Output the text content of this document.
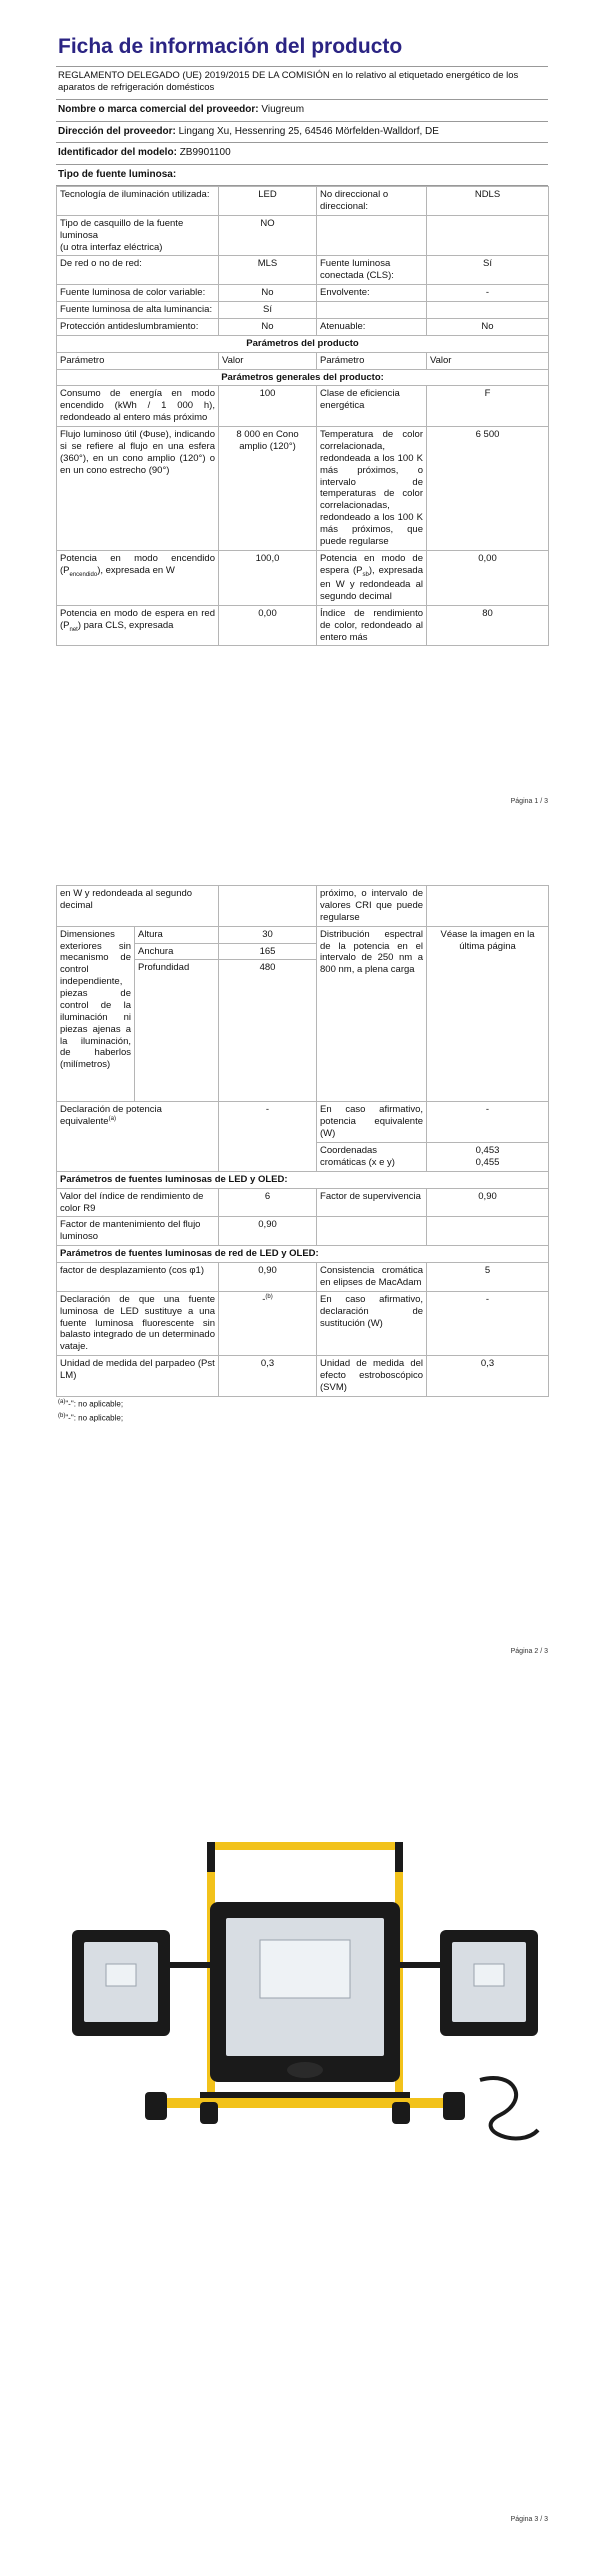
Ficha de información del producto
REGLAMENTO DELEGADO (UE) 2019/2015 DE LA COMISIÓN en lo relativo al etiquetado energético de los aparatos de refrigeración domésticos
Nombre o marca comercial del proveedor: Viugreum
Dirección del proveedor: Lingang Xu, Hessenring 25, 64546 Mörfelden-Walldorf, DE
Identificador del modelo: ZB9901100
Tipo de fuente luminosa:
Tecnología de iluminación utilizada:	LED	No direccional o direccional:	NDLS
Tipo de casquillo de la fuente luminosa
(u otra interfaz eléctrica)	NO		
De red o no de red:	MLS	Fuente luminosa conectada (CLS):	Sí
Fuente luminosa de color variable:	No	Envolvente:	-
Fuente luminosa de alta luminancia:	Sí		
Protección antideslumbramiento:	No	Atenuable:	No
Parámetros del producto			
Parámetro	Valor	Parámetro	Valor
Parámetros generales del producto:			
Consumo de energía en modo encendido (kWh / 1 000 h), redondeado al entero más próximo	100	Clase de eficiencia energética	F
Flujo luminoso útil (Φuse), indicando si se refiere al flujo en una esfera (360°), en un cono amplio (120°) o en un cono estrecho (90°)	8 000 en Cono amplio (120°)	Temperatura de color correlacionada, redondeada a los 100 K más próximos, o intervalo de temperaturas de color correlacionadas, redondeado a los 100 K más próximos, que puede regularse	6 500
Potencia en modo encendido $(P_{encendido})$, expresada en W	100,0	Potencia en modo de espera $(P_{sb})$, expresada en W y redondeada al segundo decimal	0,00
Potencia en modo de espera en red $(P_{net})$ para CLS, expresada	0,00	Índice de rendimiento de color, redondeado al entero más	80
Página 1 / 3
en W y redondeada al segundo decimal			próximo, o intervalo de valores CRI que puede regularse	
Dimensiones exteriores sin mecanismo de control independiente, piezas de control de la iluminación ni piezas ajenas a la iluminación, de haberlos (milímetros)	Altura	30	Distribución espectral de la potencia en el intervalo de 250 nm a 800 nm, a plena carga	Véase la imagen en la última página
	Anchura	165		
	Profundidad	480		
Declaración de potencia equivalente$^{(a)}$		-	En caso afirmativo, potencia equivalente (W)	-
			Coordenadas cromáticas (x e y)	0,453
0,455
Parámetros de fuentes luminosas de LED y OLED:				
Valor del índice de rendimiento de color R9		6	Factor de supervivencia	0,90
Factor de mantenimiento del flujo luminoso		0,90		
Parámetros de fuentes luminosas de red de LED y OLED:				
factor de desplazamiento (cos φ1)		0,90	Consistencia cromática en elipses de MacAdam	5
Declaración de que una fuente luminosa de LED sustituye a una fuente luminosa fluorescente sin balasto integrado de un determinado vataje.		-$^{(b)}$	En caso afirmativo, declaración de sustitución (W)	-
Unidad de medida del parpadeo (Pst LM)		0,3	Unidad de medida del efecto estroboscópico (SVM)	0,3
$^{(a)}$"-": no aplicable;
$^{(b)}$"-": no aplicable;
Página 2 / 3
Página 3 / 3
